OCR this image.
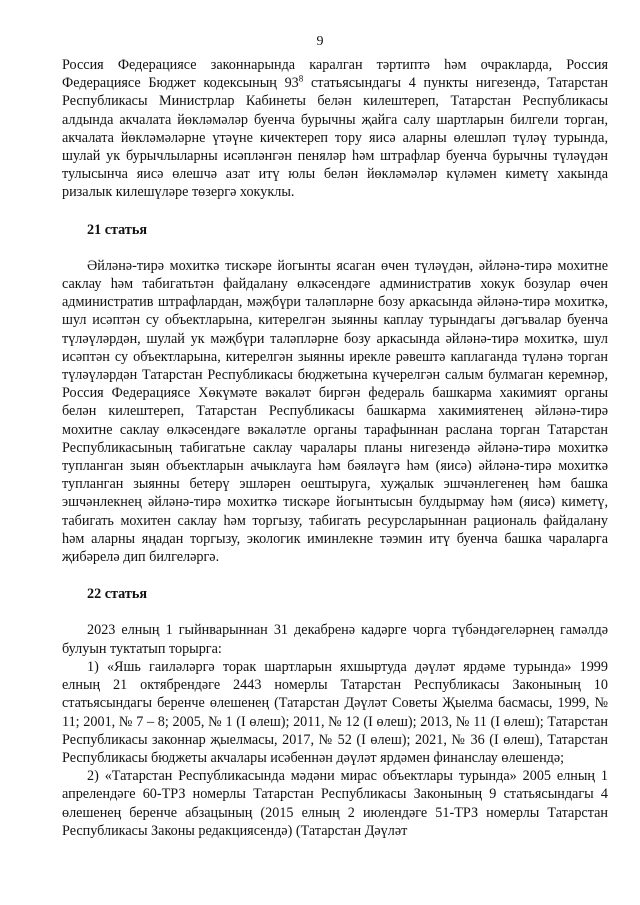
9

Россия Федерациясе законнарында каралган тәртиптә һәм очракларда, Россия Федерациясе Бюджет кодексының $93^8$ статьясындагы 4 пункты нигезендә, Татарстан Республикасы Министрлар Кабинеты белән килештереп, Татарстан Республикасы алдында акчалата йөкләмәләр буенча бурычны җайга салу шартларын билгели торган, акчалата йөкләмәләрне үтәүне кичектереп тору яисә аларны өлешләп түләү турында, шулай ук бурычлыларны исәпләнгән пеняләр һәм штрафлар буенча бурычны түләүдән тулысынча яисә өлешчә азат итү юлы белән йөкләмәләр күләмен киметү хакында ризалык килешүләре төзергә хокуклы.

21 статья

Әйләнә-тирә мохиткә тискәре йогынты ясаган өчен түләүдән, әйләнә-тирә мохитне саклау һәм табигатьтән файдалану өлкәсендәге административ хокук бозулар өчен административ штрафлардан, мәҗбүри таләпләрне бозу аркасында әйләнә-тирә мохиткә, шул исәптән су объектларына, китерелгән зыянны каплау турындагы дәгъвалар буенча түләүләрдән, шулай ук мәҗбүри таләпләрне бозу аркасында әйләнә-тирә мохиткә, шул исәптән су объектларына, китерелгән зыянны ирекле рәвештә каплаганда түләнә торган түләүләрдән Татарстан Республикасы бюджетына күчерелгән салым булмаган керемнәр, Россия Федерациясе Хөкүмәте вәкаләт биргән федераль башкарма хакимият органы белән килештереп, Татарстан Республикасы башкарма хакимиятенең әйләнә-тирә мохитне саклау өлкәсендәге вәкаләтле органы тарафыннан раслана торган Татарстан Республикасының табигатьне саклау чаралары планы нигезендә әйләнә-тирә мохиткә тупланган зыян объектларын ачыклауга һәм бәяләүгә һәм (яисә) әйләнә-тирә мохиткә тупланган зыянны бетерү эшләрен оештыруга, хуҗалык эшчәнлегенең һәм башка эшчәнлекнең әйләнә-тирә мохиткә тискәре йогынтысын булдырмау һәм (яисә) киметү, табигать мохитен саклау һәм торгызу, табигать ресурсларыннан рациональ файдалану һәм аларны яңадан торгызу, экологик иминлекне тәэмин итү буенча башка чараларга җибәрелә дип билгеләргә.

22 статья

2023 елның 1 гыйнварыннан 31 декабренә кадәрге чорга түбәндәгеләрнең гамәлдә булуын туктатып торырга:

1) «Яшь гаиләләргә торак шартларын яхшыртуда дәүләт ярдәме турында» 1999 елның 21 октябрендәге 2443 номерлы Татарстан Республикасы Законының 10 статьясындагы беренче өлешенең (Татарстан Дәүләт Советы Җыелма басмасы, 1999, № 11; 2001, № 7 – 8; 2005, № 1 (I өлеш); 2011, № 12 (I өлеш); 2013, № 11 (I өлеш); Татарстан Республикасы законнар җыелмасы, 2017, № 52 (I өлеш); 2021, № 36 (I өлеш), Татарстан Республикасы бюджеты акчалары исәбеннән дәүләт ярдәмен финанслау өлешендә;

2) «Татарстан Республикасында мәдәни мирас объектлары турында» 2005 елның 1 апрелендәге 60-ТРЗ номерлы Татарстан Республикасы Законының 9 статьясындагы 4 өлешенең беренче абзацының (2015 елның 2 июлендәге 51-ТРЗ номерлы Татарстан Республикасы Законы редакциясендә) (Татарстан Дәүләт
